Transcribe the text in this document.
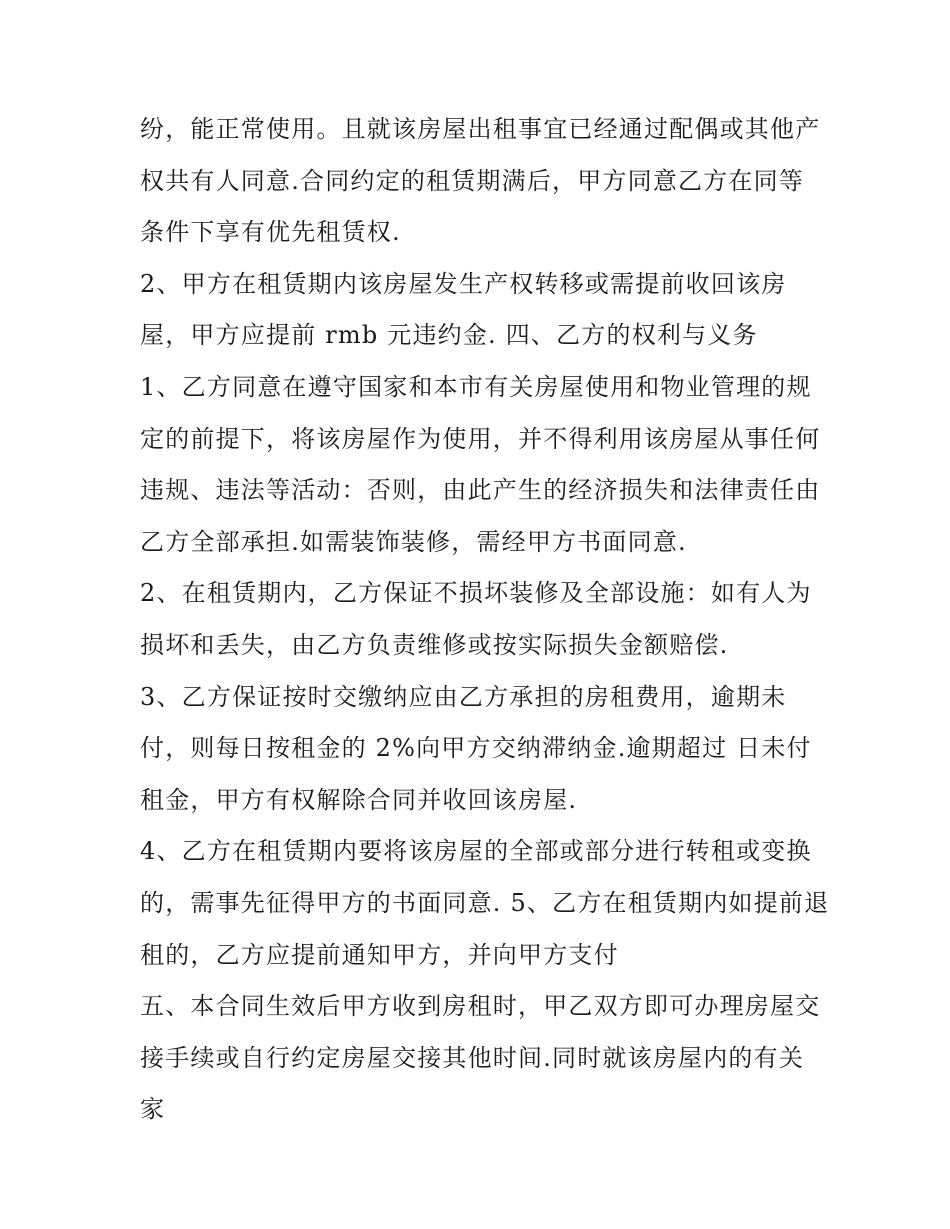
纷，能正常使用。且就该房屋出租事宜已经通过配偶或其他产
权共有人同意.合同约定的租赁期满后，甲方同意乙方在同等
条件下享有优先租赁权.
2、甲方在租赁期内该房屋发生产权转移或需提前收回该房
屋，甲方应提前 rmb 元违约金. 四、乙方的权利与义务
1、乙方同意在遵守国家和本市有关房屋使用和物业管理的规
定的前提下，将该房屋作为使用，并不得利用该房屋从事任何
违规、违法等活动：否则，由此产生的经济损失和法律责任由
乙方全部承担.如需装饰装修，需经甲方书面同意.
2、在租赁期内，乙方保证不损坏装修及全部设施：如有人为
损坏和丢失，由乙方负责维修或按实际损失金额赔偿.
3、乙方保证按时交缴纳应由乙方承担的房租费用，逾期未
付，则每日按租金的 2%向甲方交纳滞纳金.逾期超过 日未付
租金，甲方有权解除合同并收回该房屋.
4、乙方在租赁期内要将该房屋的全部或部分进行转租或变换
的，需事先征得甲方的书面同意. 5、乙方在租赁期内如提前退
租的，乙方应提前通知甲方，并向甲方支付
五、本合同生效后甲方收到房租时，甲乙双方即可办理房屋交
接手续或自行约定房屋交接其他时间.同时就该房屋内的有关
家
